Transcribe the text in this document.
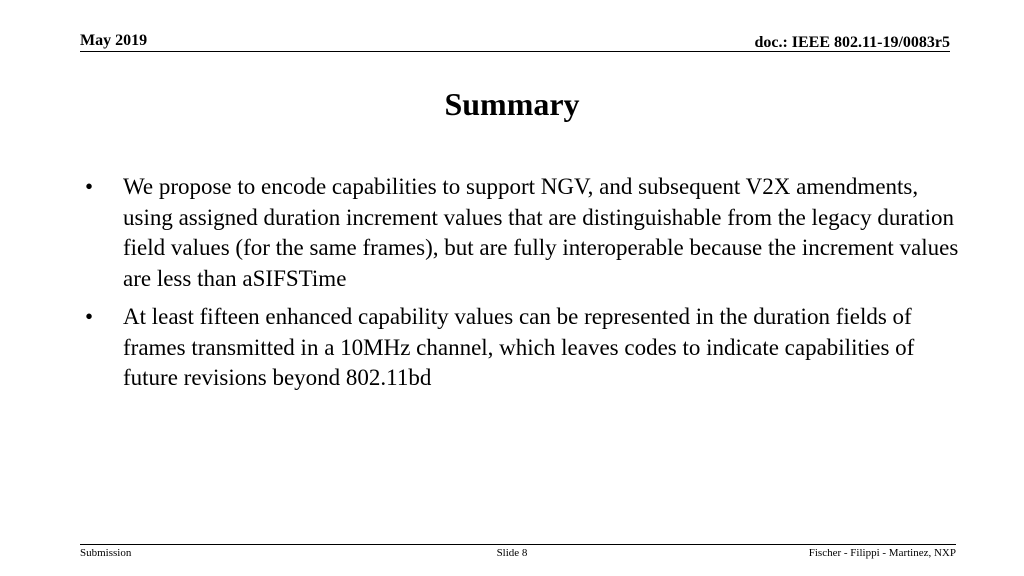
May 2019	doc.: IEEE 802.11-19/0083r5
Summary
•	We propose to encode capabilities to support NGV, and subsequent V2X amendments, using assigned duration increment values that are distinguishable from the legacy duration field values (for the same frames), but are fully interoperable because the increment values are less than aSIFSTime
•	At least fifteen enhanced capability values can be represented in the duration fields of frames transmitted in a 10MHz channel, which leaves codes to indicate capabilities of future revisions beyond 802.11bd
Submission	Slide 8	Fischer - Filippi - Martinez, NXP
